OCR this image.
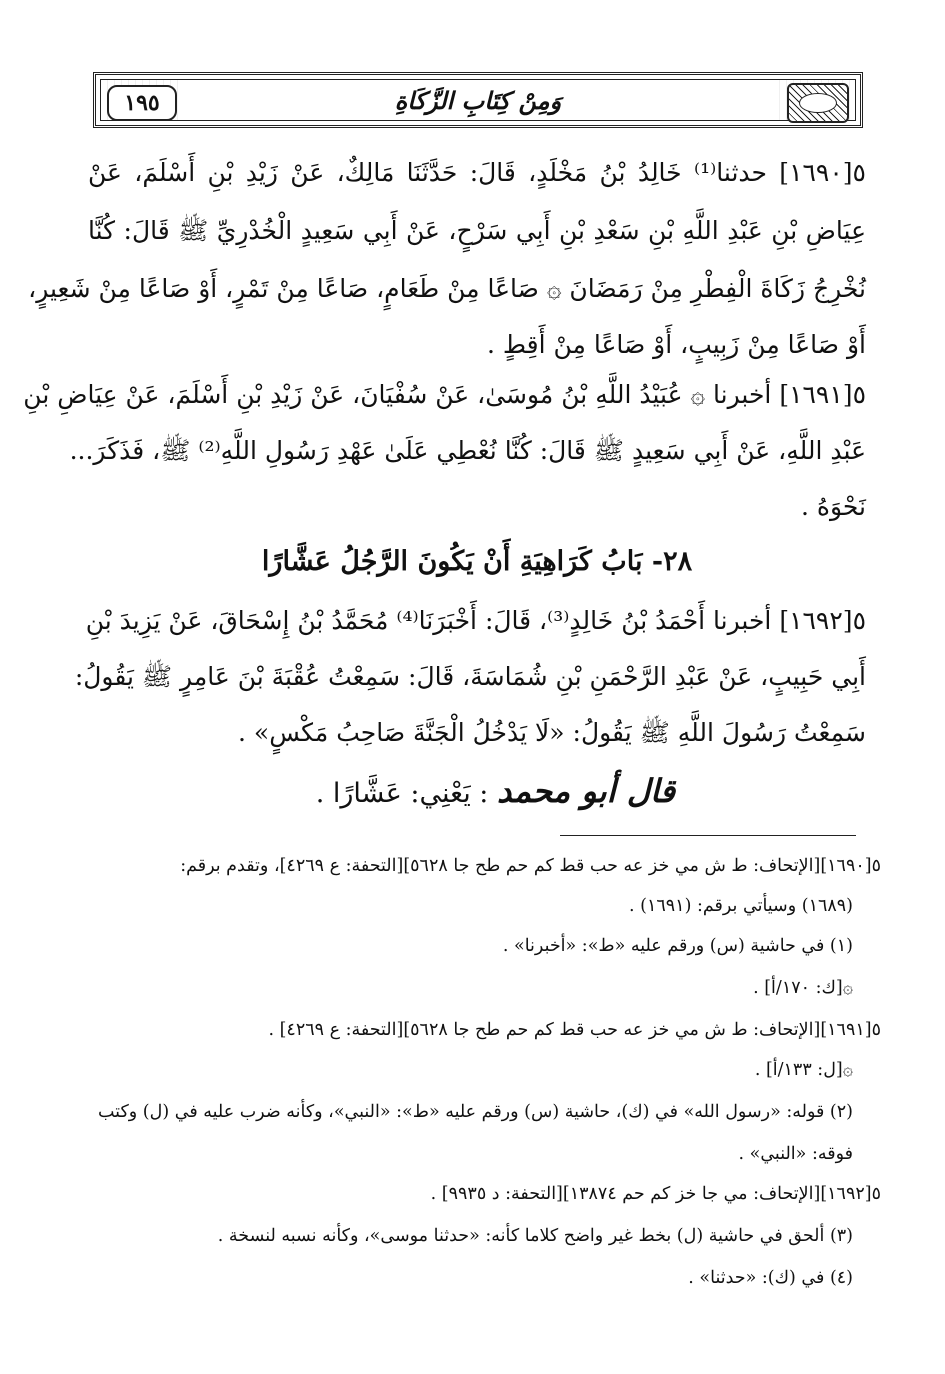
وَمِنْ كِتَابِ الزَّكَاةِ
١٩٥
٥[١٦٩٠] حدثنا⁽¹⁾ خَالِدُ بْنُ مَخْلَدٍ، قَالَ: حَدَّثَنَا مَالِكٌ، عَنْ زَيْدِ بْنِ أَسْلَمَ، عَنْ
عِيَاضِ بْنِ عَبْدِ اللَّهِ بْنِ سَعْدِ بْنِ أَبِي سَرْحٍ، عَنْ أَبِي سَعِيدٍ الْخُدْرِيِّ ﷺ قَالَ: كُنَّا
نُخْرِجُ زَكَاةَ الْفِطْرِ مِنْ رَمَضَانَ ۞ صَاعًا مِنْ طَعَامٍ، صَاعًا مِنْ تَمْرٍ، أَوْ صَاعًا مِنْ شَعِيرٍ،
أَوْ صَاعًا مِنْ زَبِيبٍ، أَوْ صَاعًا مِنْ أَقِطٍ .
٥[١٦٩١] أخبرنا ۞ عُبَيْدُ اللَّهِ بْنُ مُوسَىٰ، عَنْ سُفْيَانَ، عَنْ زَيْدِ بْنِ أَسْلَمَ، عَنْ عِيَاضِ بْنِ
عَبْدِ اللَّهِ، عَنْ أَبِي سَعِيدٍ ﷺ قَالَ: كُنَّا نُعْطِي عَلَىٰ عَهْدِ رَسُولِ اللَّهِ⁽²⁾ ﷺ، فَذَكَرَ...
نَحْوَهُ .
٢٨- بَابُ كَرَاهِيَةِ أَنْ يَكُونَ الرَّجُلُ عَشَّارًا
٥[١٦٩٢] أخبرنا أَحْمَدُ بْنُ خَالِدٍ⁽³⁾، قَالَ: أَخْبَرَنَا⁽⁴⁾ مُحَمَّدُ بْنُ إِسْحَاقَ، عَنْ يَزِيدَ بْنِ
أَبِي حَبِيبٍ، عَنْ عَبْدِ الرَّحْمَنِ بْنِ شُمَاسَةَ، قَالَ: سَمِعْتُ عُقْبَةَ بْنَ عَامِرٍ ﷺ يَقُولُ:
سَمِعْتُ رَسُولَ اللَّهِ ﷺ يَقُولُ: «لَا يَدْخُلُ الْجَنَّةَ صَاحِبُ مَكْسٍ» .
قال أبو محمد : يَعْنِي: عَشَّارًا .
٥[١٦٩٠][الإتحاف: ط ش مي خز عه حب قط كم حم طح جا ٥٦٢٨][التحفة: ع ٤٢٦٩]، وتقدم برقم:
(١٦٨٩) وسيأتي برقم: (١٦٩١) .
(١) في حاشية (س) ورقم عليه «ط»: «أخبرنا» .
۞[ك: ١٧٠/أ] .
٥[١٦٩١][الإتحاف: ط ش مي خز عه حب قط كم حم طح جا ٥٦٢٨][التحفة: ع ٤٢٦٩] .
۞[ل: ١٣٣/أ] .
(٢) قوله: «رسول الله» في (ك)، حاشية (س) ورقم عليه «ط»: «النبي»، وكأنه ضرب عليه في (ل) وكتب
فوقه: «النبي» .
٥[١٦٩٢][الإتحاف: مي جا خز كم حم ١٣٨٧٤][التحفة: د ٩٩٣٥] .
(٣) ألحق في حاشية (ل) بخط غير واضح كلاما كأنه: «حدثنا موسى»، وكأنه نسبه لنسخة .
(٤) في (ك): «حدثنا» .
